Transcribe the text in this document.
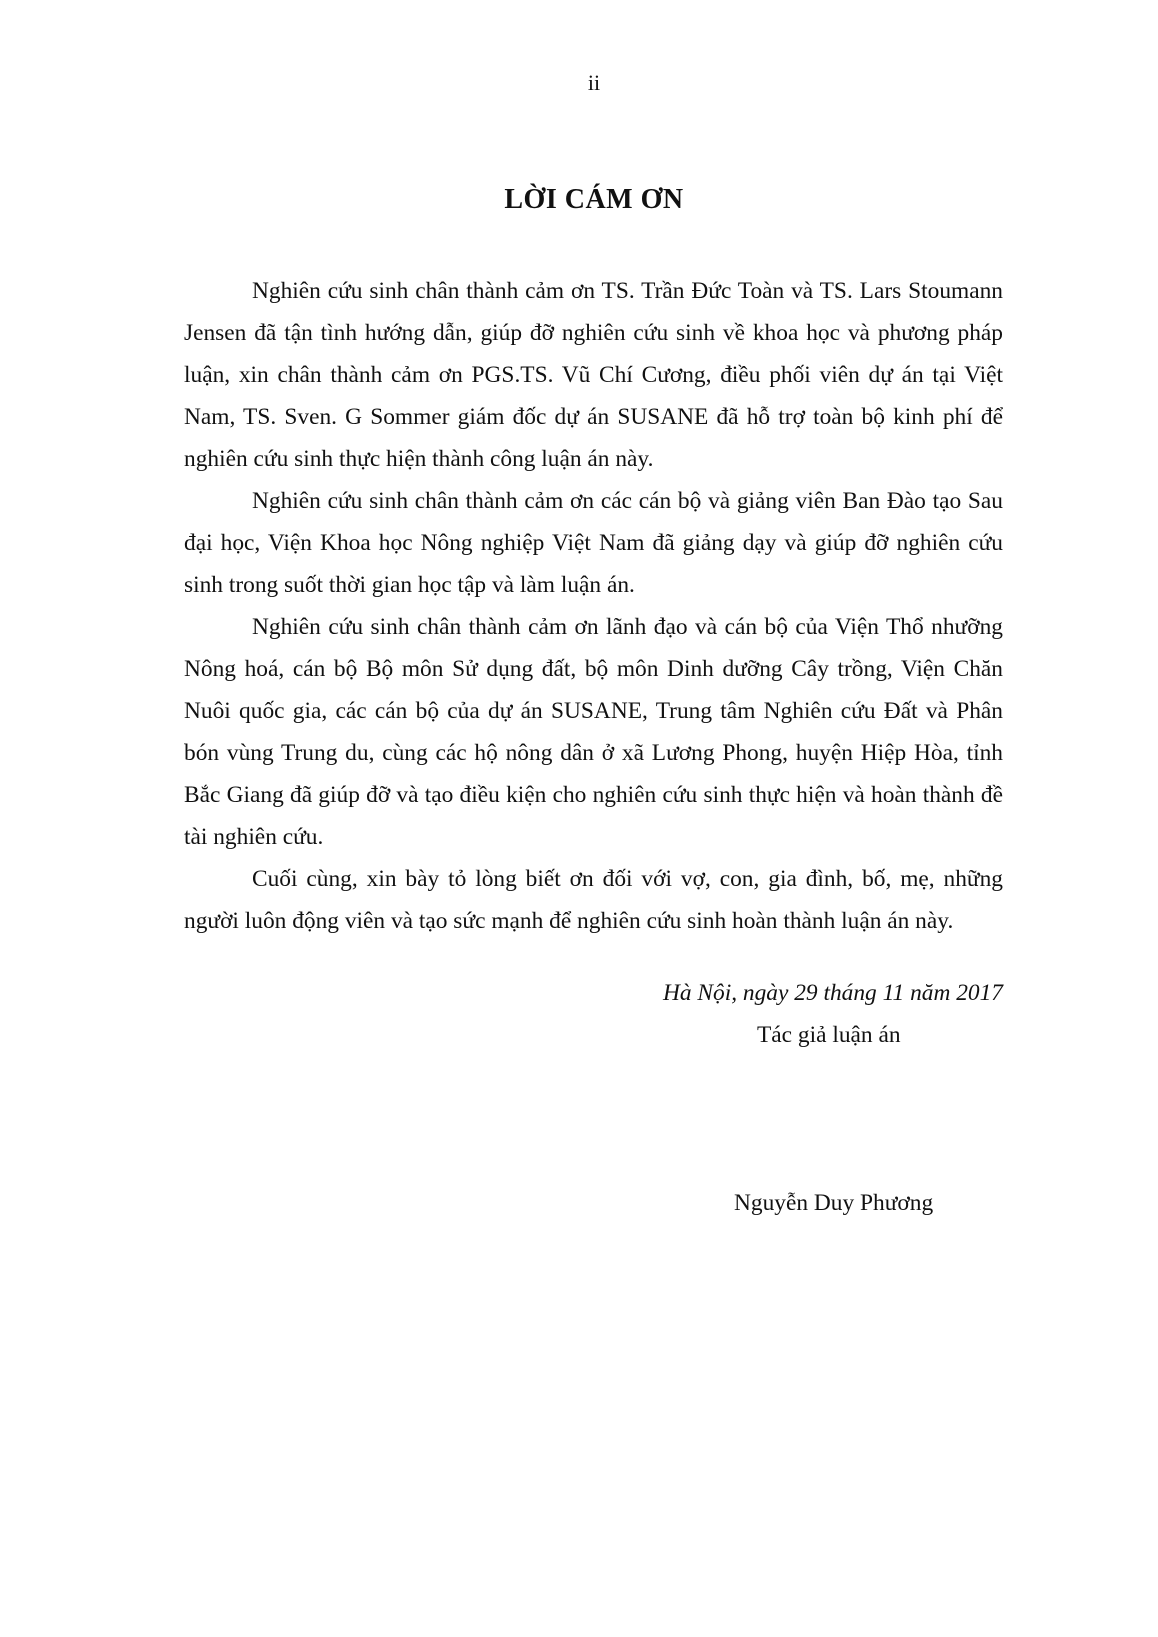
ii
LỜI CÁM ƠN

Nghiên cứu sinh chân thành cảm ơn TS. Trần Đức Toàn và TS. Lars Stoumann Jensen đã tận tình hướng dẫn, giúp đỡ nghiên cứu sinh về khoa học và phương pháp luận, xin chân thành cảm ơn PGS.TS. Vũ Chí Cương, điều phối viên dự án tại Việt Nam, TS. Sven. G Sommer giám đốc dự án SUSANE đã hỗ trợ toàn bộ kinh phí để nghiên cứu sinh thực hiện thành công luận án này.

Nghiên cứu sinh chân thành cảm ơn các cán bộ và giảng viên Ban Đào tạo Sau đại học, Viện Khoa học Nông nghiệp Việt Nam đã giảng dạy và giúp đỡ nghiên cứu sinh trong suốt thời gian học tập và làm luận án.

Nghiên cứu sinh chân thành cảm ơn lãnh đạo và cán bộ của Viện Thổ nhưỡng Nông hoá, cán bộ Bộ môn Sử dụng đất, bộ môn Dinh dưỡng Cây trồng, Viện Chăn Nuôi quốc gia, các cán bộ của dự án SUSANE, Trung tâm Nghiên cứu Đất và Phân bón vùng Trung du, cùng các hộ nông dân ở xã Lương Phong, huyện Hiệp Hòa, tỉnh Bắc Giang đã giúp đỡ và tạo điều kiện cho nghiên cứu sinh thực hiện và hoàn thành đề tài nghiên cứu.

Cuối cùng, xin bày tỏ lòng biết ơn đối với vợ, con, gia đình, bố, mẹ, những người luôn động viên và tạo sức mạnh để nghiên cứu sinh hoàn thành luận án này.

Hà Nội, ngày 29 tháng 11 năm 2017
Tác giả luận án
Nguyễn Duy Phương
